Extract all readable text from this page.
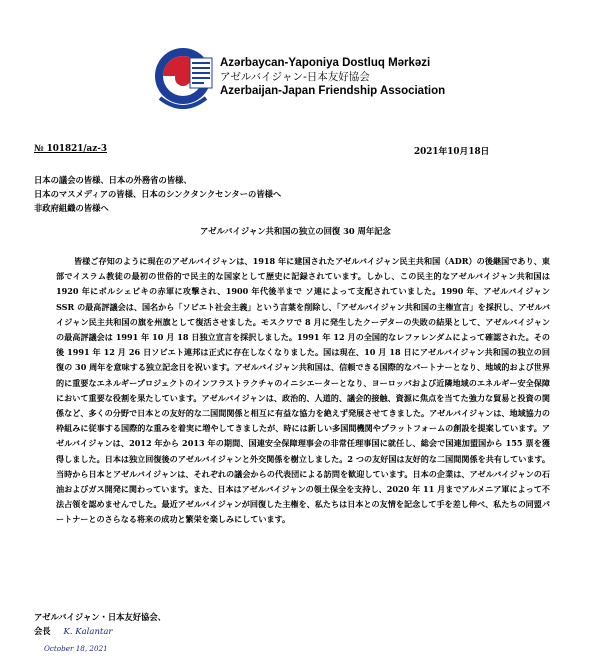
Azərbaycan-Yaponiya Dostluq Mərkəzi
アゼルバイジャン-日本友好協会
Azerbaijan-Japan Friendship Association
№ 101821/az-3	2021年10月18日
日本の議会の皆様、日本の外務省の皆様、
日本のマスメディアの皆様、日本のシンクタンクセンターの皆様へ
非政府組織の皆様へ
アゼルバイジャン共和国の独立の回復 30 周年記念

皆様ご存知のように現在のアゼルバイジャンは、1918 年に建国されたアゼルバイジャン民主共和国（ADR）の後継国であり、東部でイスラム教徒の最初の世俗的で民主的な国家として歴史に記録されています。しかし、この民主的なアゼルバイジャン共和国は 1920 年にボルシェビキの赤軍に攻撃され、1900 年代後半まで ソ連によって支配されていました。1990 年、アゼルバイジャン SSR の最高評議会は、国名から「ソビエト社会主義」という言葉を削除し、「アゼルバイジャン共和国の主権宣言」を採択し、アゼルバイジャン民主共和国の旗を州旗として復活させました。モスクワで 8 月に発生したクーデターの失敗の結果として、アゼルバイジャンの最高評議会は 1991 年 10 月 18 日独立宣言を採択しました。1991 年 12 月の全国的なレファレンダムによって確認された。その後 1991 年 12 月 26 日ソビエト連邦は正式に存在しなくなりました。国は現在、10 月 18 日にアゼルバイジャン共和国の独立の回復の 30 周年を意味する独立記念日を祝います。アゼルバイジャン共和国は、信頼できる国際的なパートナーとなり、地域的および世界的に重要なエネルギープロジェクトのインフラストラクチャのイニシエーターとなり、ヨーロッパおよび近隣地域のエネルギー安全保障において重要な役割を果たしています。アゼルバイジャンは、政治的、人道的、議会的接触、資源に焦点を当てた強力な貿易と投資の関係など、多くの分野で日本との友好的な二国間関係と相互に有益な協力を絶えず発展させてきました。アゼルバイジャンは、地域協力の枠組みに従事する国際的な重みを着実に増やしてきましたが、時には新しい多国間機関やプラットフォームの創設を提案しています。アゼルバイジャンは、2012 年から 2013 年の期間、国連安全保障理事会の非常任理事国に就任し、総会で国連加盟国から 155 票を獲得しました。日本は独立回復後のアゼルバイジャンと外交関係を樹立しました。2 つの友好国は友好的な二国間関係を共有しています。当時から日本とアゼルバイジャンは、それぞれの議会からの代表団による訪問を歓迎しています。日本の企業は、アゼルバイジャンの石油およびガス開発に関わっています。また、日本はアゼルバイジャンの領土保全を支持し、2020 年 11 月までアルメニア軍によって不法占領を認めませんでした。最近アゼルバイジャンが回復した主権を、私たちは日本との友情を記念して手を差し伸べ、私たちの同盟パートナーとのさらなる将来の成功と繁栄を楽しみにしています。

アゼルバイジャン・日本友好協会、
会長 K. Kalantar
October 18, 2021
